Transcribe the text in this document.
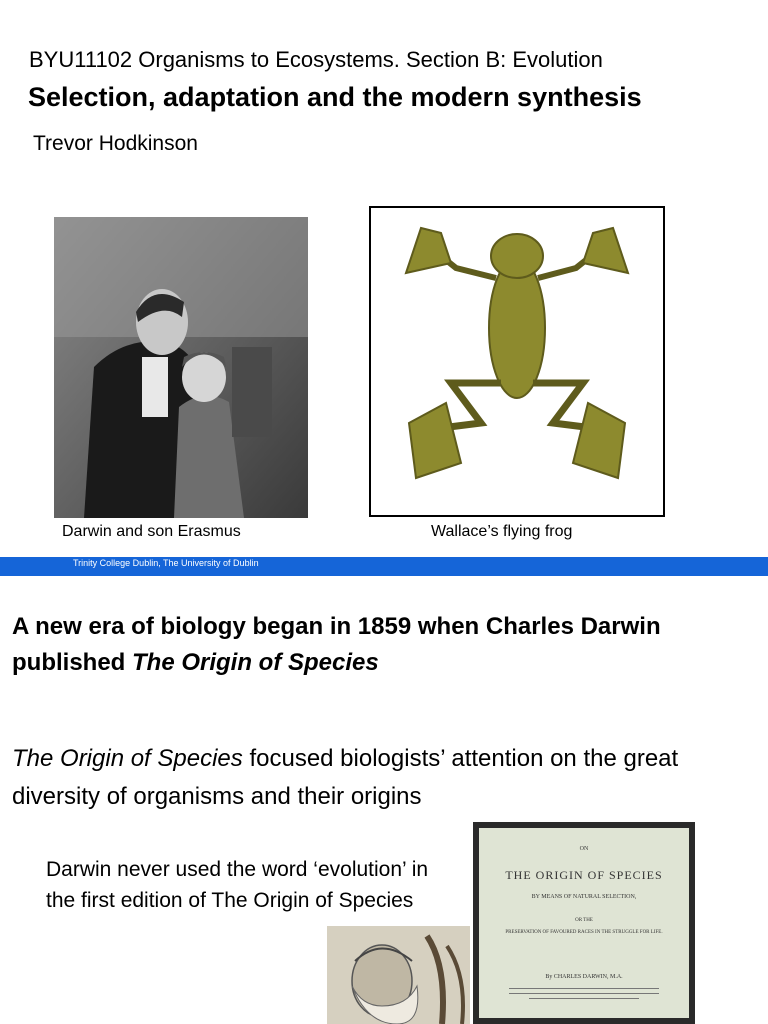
BYU11102 Organisms to Ecosystems. Section B: Evolution
Selection, adaptation and the modern synthesis
Trevor Hodkinson
Darwin and son Erasmus	Wallace’s flying frog
Trinity College Dublin, The University of Dublin
A new era of biology began in 1859 when Charles Darwin published The Origin of Species
The Origin of Species focused biologists’ attention on the great diversity of organisms and their origins
Darwin never used the word ‘evolution’ in the first edition of The Origin of Species
ON
THE ORIGIN OF SPECIES
BY MEANS OF NATURAL SELECTION,
OR THE
PRESERVATION OF FAVOURED RACES IN THE STRUGGLE FOR LIFE.
By CHARLES DARWIN, M.A.
